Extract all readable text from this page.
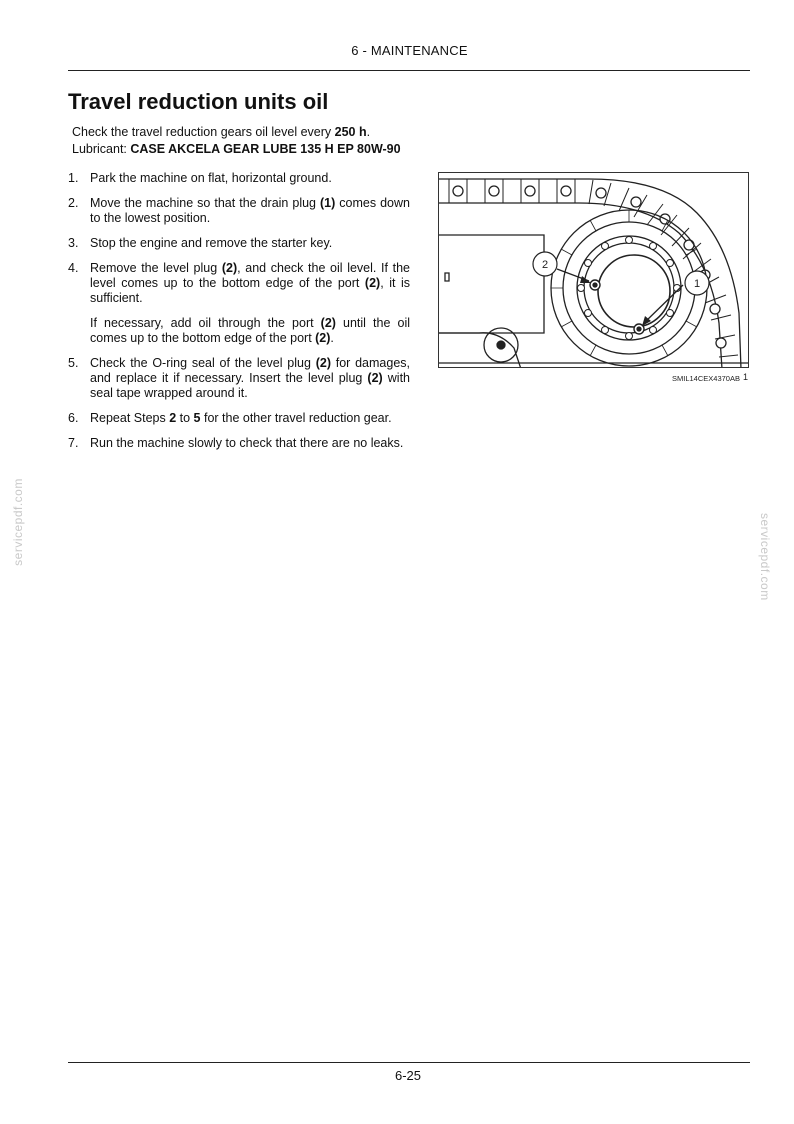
6 - MAINTENANCE
Travel reduction units oil
Check the travel reduction gears oil level every 250 h.
Lubricant: CASE AKCELA GEAR LUBE 135 H EP 80W-90
1. Park the machine on flat, horizontal ground.

2. Move the machine so that the drain plug (1) comes down to the lowest position.

3. Stop the engine and remove the starter key.

4. Remove the level plug (2), and check the oil level. If the level comes up to the bottom edge of the port (2), it is sufficient.

If necessary, add oil through the port (2) until the oil comes up to the bottom edge of the port (2).

5. Check the O-ring seal of the level plug (2) for damages, and replace it if necessary. Insert the level plug (2) with seal tape wrapped around it.

6. Repeat Steps 2 to 5 for the other travel reduction gear.

7. Run the machine slowly to check that there are no leaks.

2
1
SMIL14CEX4370AB 1
servicepdf.com	servicepdf.com
6-25
